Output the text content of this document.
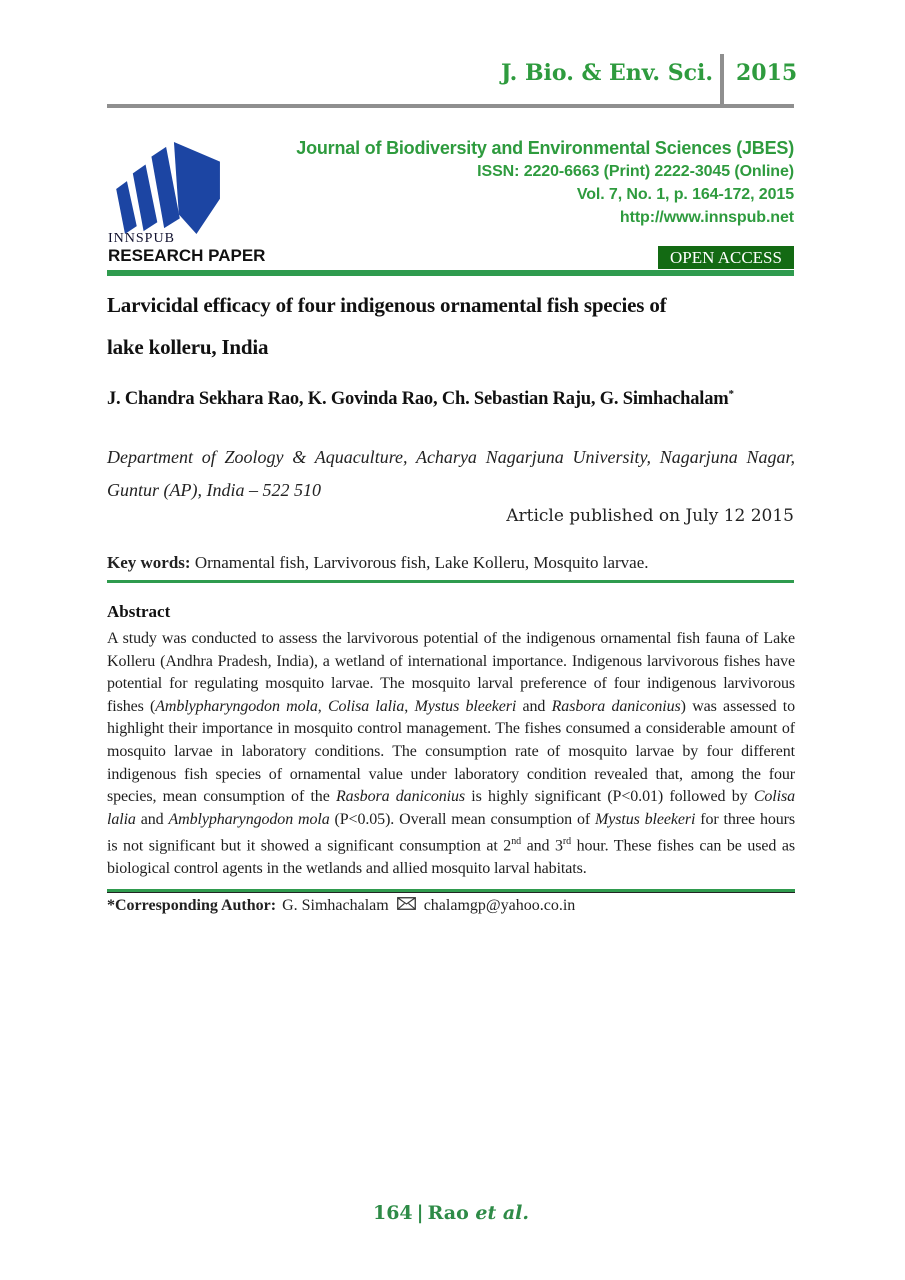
J. Bio. & Env. Sci. 2015
INNSPUB
RESEARCH PAPER
Journal of Biodiversity and Environmental Sciences (JBES)
ISSN: 2220-6663 (Print) 2222-3045 (Online)
Vol. 7, No. 1, p. 164-172, 2015
http://www.innspub.net
OPEN ACCESS
Larvicidal efficacy of four indigenous ornamental fish species of
lake kolleru, India
J. Chandra Sekhara Rao, K. Govinda Rao, Ch. Sebastian Raju, G. Simhachalam*
Department of Zoology & Aquaculture, Acharya Nagarjuna University, Nagarjuna Nagar, Guntur (AP), India – 522 510
Article published on July 12 2015
Key words: Ornamental fish, Larvivorous fish, Lake Kolleru, Mosquito larvae.
Abstract
A study was conducted to assess the larvivorous potential of the indigenous ornamental fish fauna of Lake Kolleru (Andhra Pradesh, India), a wetland of international importance. Indigenous larvivorous fishes have potential for regulating mosquito larvae. The mosquito larval preference of four indigenous larvivorous fishes (Amblypharyngodon mola, Colisa lalia, Mystus bleekeri and Rasbora daniconius) was assessed to highlight their importance in mosquito control management. The fishes consumed a considerable amount of mosquito larvae in laboratory conditions. The consumption rate of mosquito larvae by four different indigenous fish species of ornamental value under laboratory condition revealed that, among the four species, mean consumption of the Rasbora daniconius is highly significant (P<0.01) followed by Colisa lalia and Amblypharyngodon mola (P<0.05). Overall mean consumption of Mystus bleekeri for three hours is not significant but it showed a significant consumption at 2nd and 3rd hour. These fishes can be used as biological control agents in the wetlands and allied mosquito larval habitats.
*Corresponding Author: G. Simhachalam chalamgp@yahoo.co.in
164 | Rao et al.
